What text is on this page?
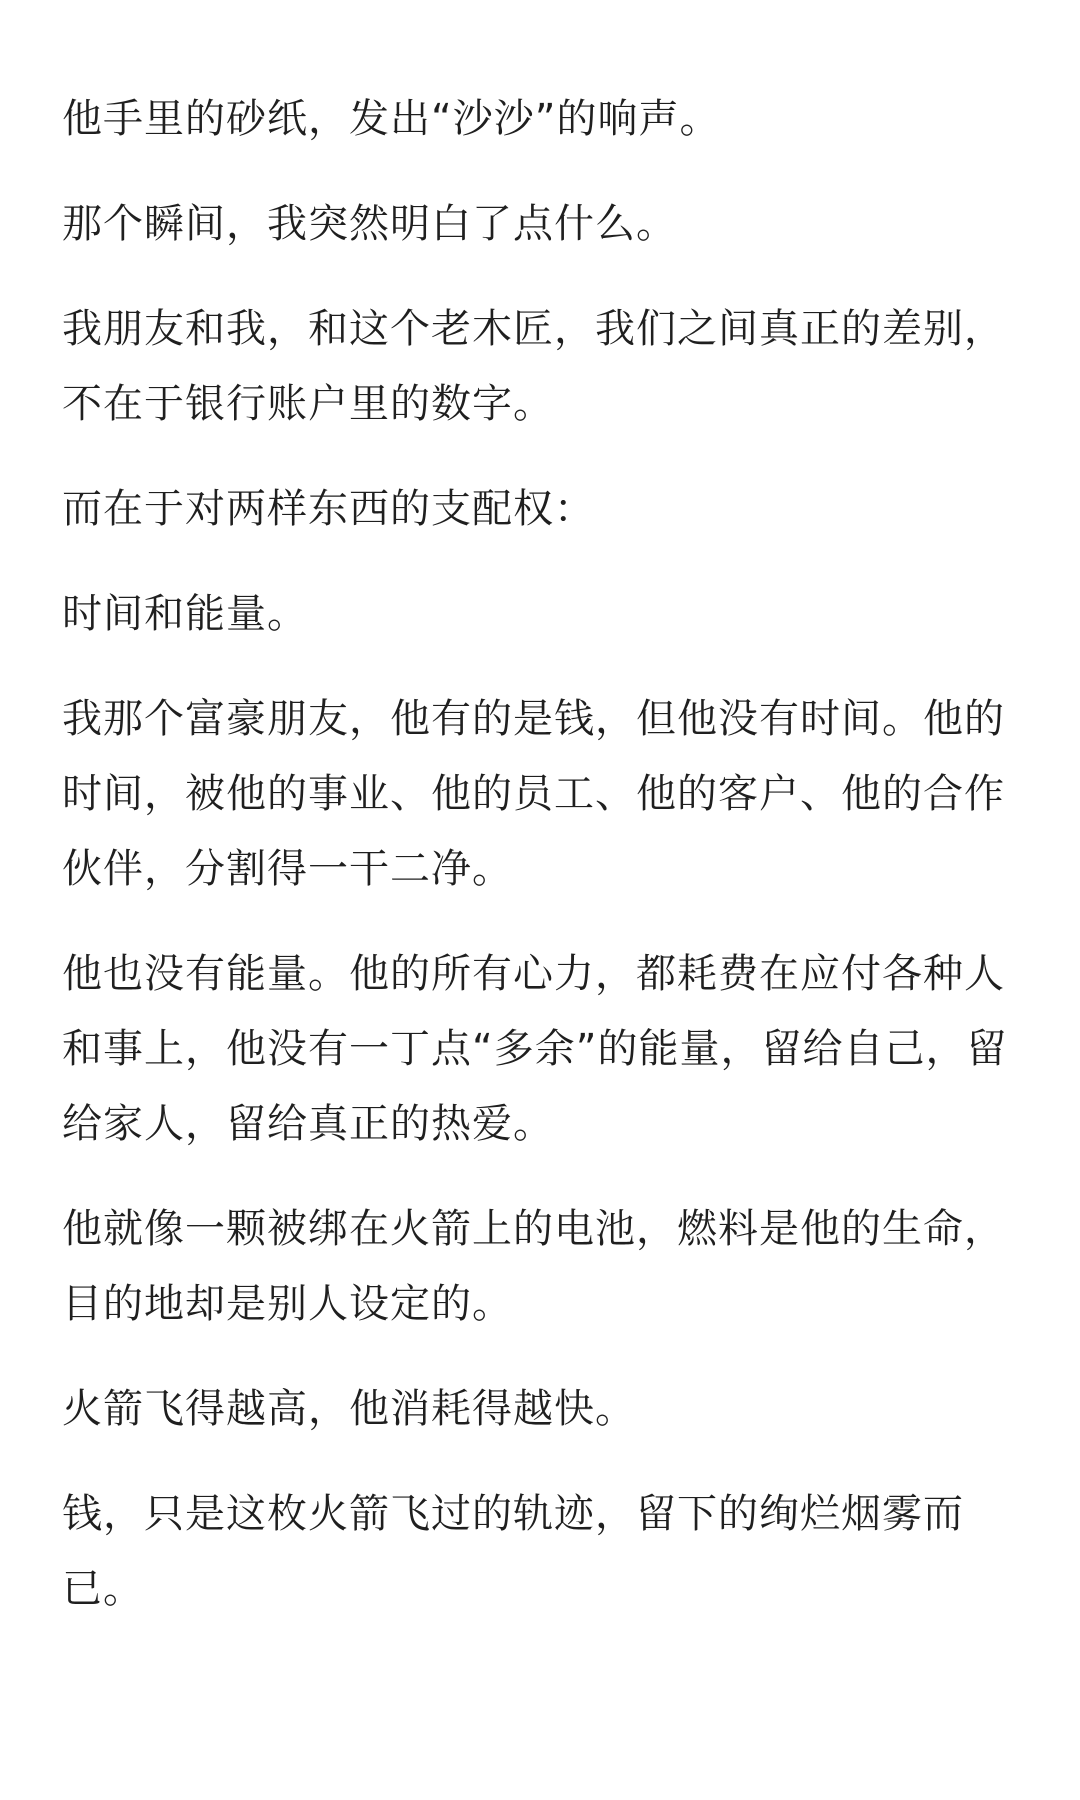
他手里的砂纸，发出“沙沙”的响声。

那个瞬间，我突然明白了点什么。

我朋友和我，和这个老木匠，我们之间真正的差别，不在于银行账户里的数字。

而在于对两样东西的支配权：

时间和能量。

我那个富豪朋友，他有的是钱，但他没有时间。他的时间，被他的事业、他的员工、他的客户、他的合作伙伴，分割得一干二净。

他也没有能量。他的所有心力，都耗费在应付各种人和事上，他没有一丁点“多余”的能量，留给自己，留给家人，留给真正的热爱。

他就像一颗被绑在火箭上的电池，燃料是他的生命，目的地却是别人设定的。

火箭飞得越高，他消耗得越快。

钱，只是这枚火箭飞过的轨迹，留下的绚烂烟雾而已。
